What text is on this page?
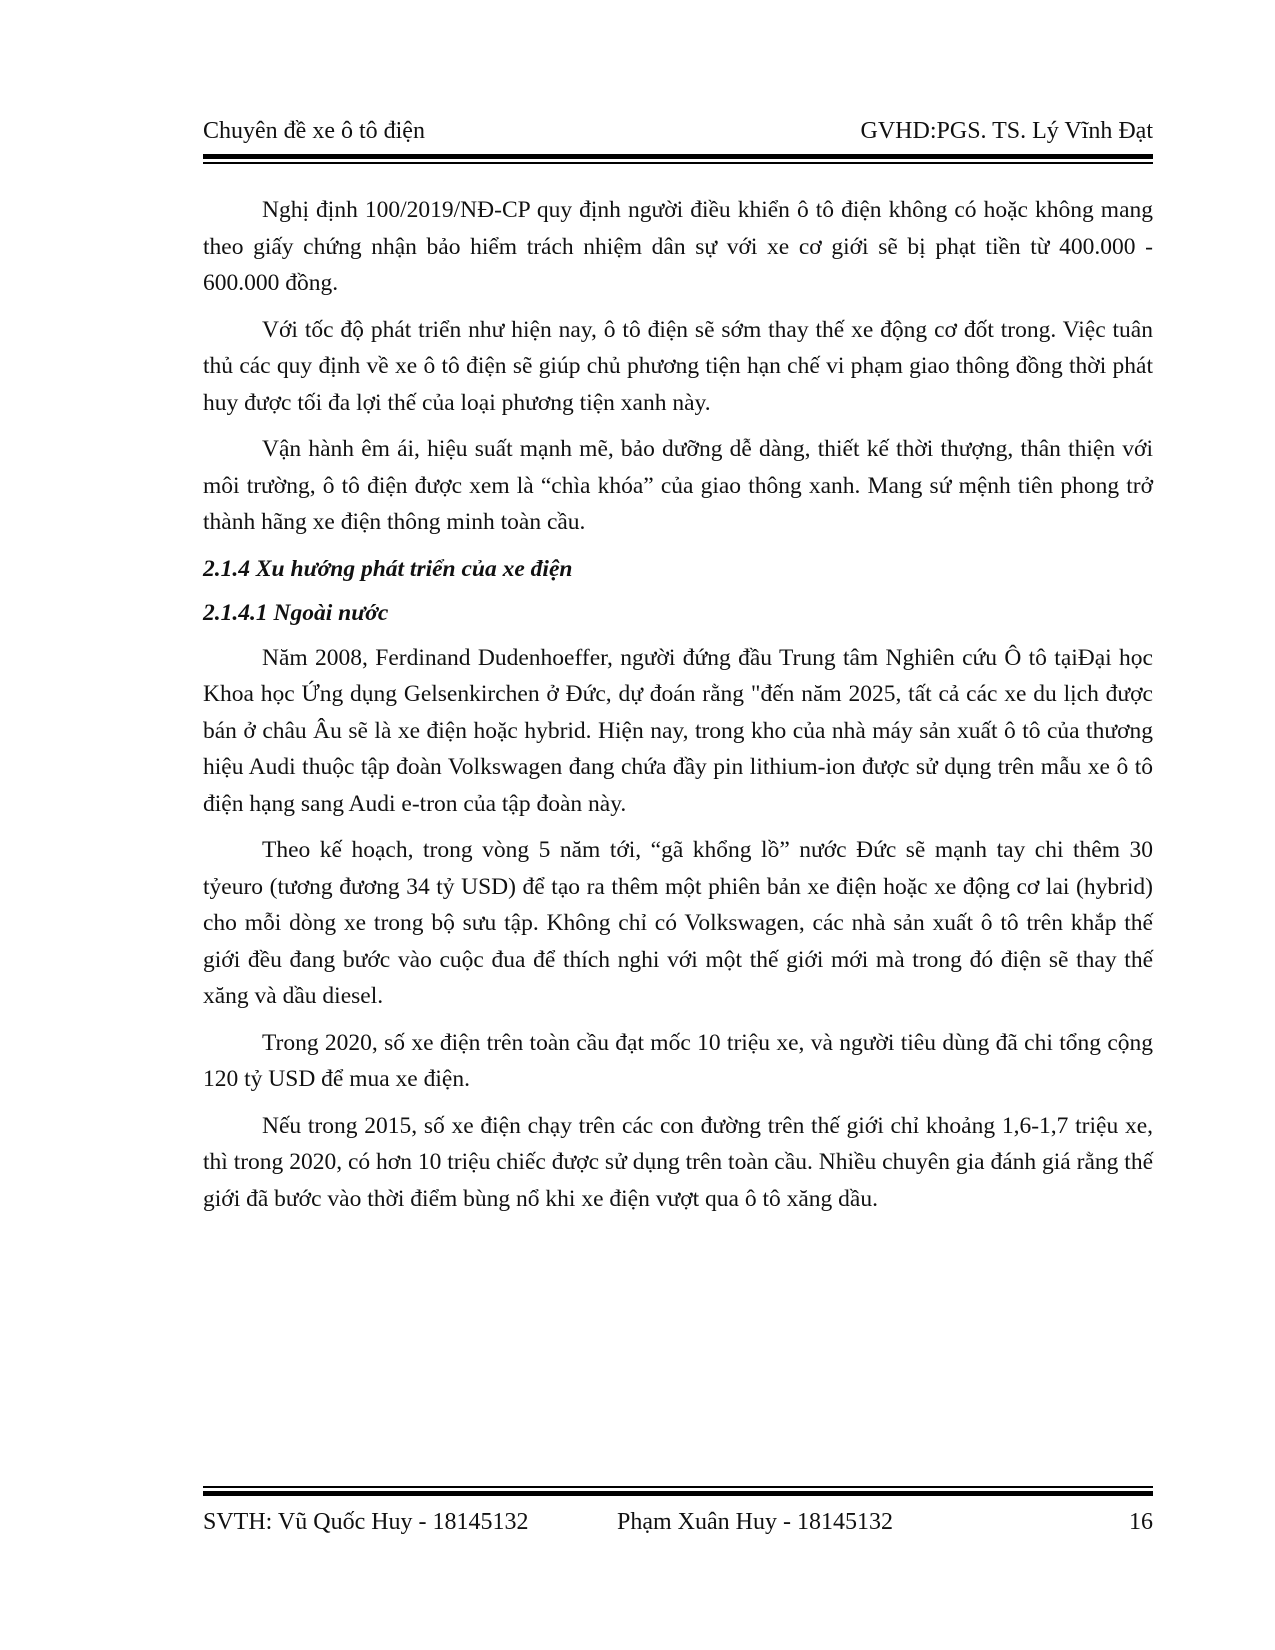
Chuyên đề xe ô tô điện	GVHD:PGS. TS. Lý Vĩnh Đạt

Nghị định 100/2019/NĐ-CP quy định người điều khiển ô tô điện không có hoặc không mang theo giấy chứng nhận bảo hiểm trách nhiệm dân sự với xe cơ giới sẽ bị phạt tiền từ 400.000 - 600.000 đồng.

Với tốc độ phát triển như hiện nay, ô tô điện sẽ sớm thay thế xe động cơ đốt trong. Việc tuân thủ các quy định về xe ô tô điện sẽ giúp chủ phương tiện hạn chế vi phạm giao thông đồng thời phát huy được tối đa lợi thế của loại phương tiện xanh này.

Vận hành êm ái, hiệu suất mạnh mẽ, bảo dưỡng dễ dàng, thiết kế thời thượng, thân thiện với môi trường, ô tô điện được xem là “chìa khóa” của giao thông xanh. Mang sứ mệnh tiên phong trở thành hãng xe điện thông minh toàn cầu.

2.1.4 Xu hướng phát triển của xe điện
2.1.4.1 Ngoài nước

Năm 2008, Ferdinand Dudenhoeffer, người đứng đầu Trung tâm Nghiên cứu Ô tô tạiĐại học Khoa học Ứng dụng Gelsenkirchen ở Đức, dự đoán rằng "đến năm 2025, tất cả các xe du lịch được bán ở châu Âu sẽ là xe điện hoặc hybrid. Hiện nay, trong kho của nhà máy sản xuất ô tô của thương hiệu Audi thuộc tập đoàn Volkswagen đang chứa đầy pin lithium-ion được sử dụng trên mẫu xe ô tô điện hạng sang Audi e-tron của tập đoàn này.

Theo kế hoạch, trong vòng 5 năm tới, “gã khổng lồ” nước Đức sẽ mạnh tay chi thêm 30 tỷeuro (tương đương 34 tỷ USD) để tạo ra thêm một phiên bản xe điện hoặc xe động cơ lai (hybrid) cho mỗi dòng xe trong bộ sưu tập. Không chỉ có Volkswagen, các nhà sản xuất ô tô trên khắp thế giới đều đang bước vào cuộc đua để thích nghi với một thế giới mới mà trong đó điện sẽ thay thế xăng và dầu diesel.

Trong 2020, số xe điện trên toàn cầu đạt mốc 10 triệu xe, và người tiêu dùng đã chi tổng cộng 120 tỷ USD để mua xe điện.

Nếu trong 2015, số xe điện chạy trên các con đường trên thế giới chỉ khoảng 1,6-1,7 triệu xe, thì trong 2020, có hơn 10 triệu chiếc được sử dụng trên toàn cầu. Nhiều chuyên gia đánh giá rằng thế giới đã bước vào thời điểm bùng nổ khi xe điện vượt qua ô tô xăng dầu.

SVTH: Vũ Quốc Huy - 18145132	Phạm Xuân Huy - 18145132	16
